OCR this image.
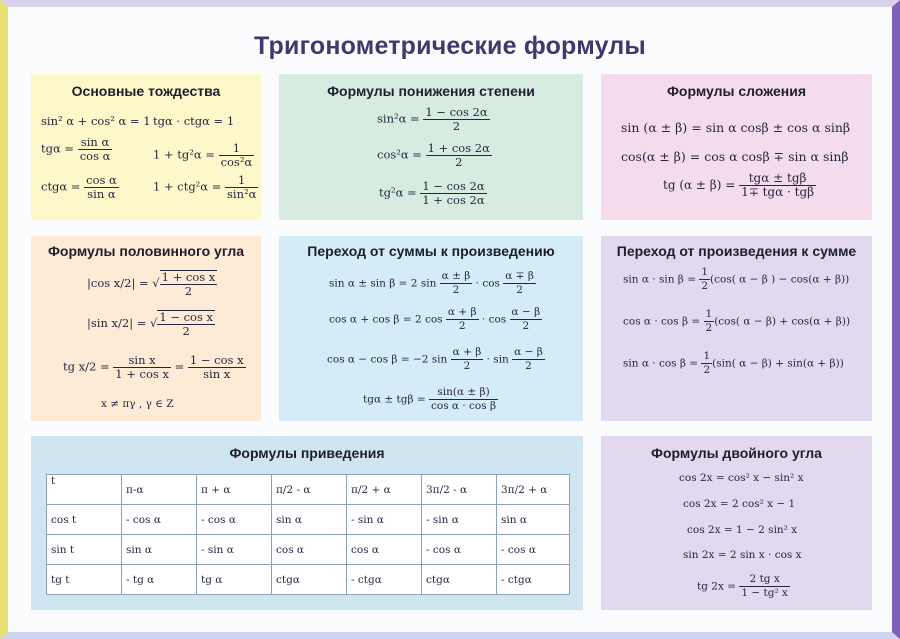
Тригонометрические формулы
Основные тождества
sin² α + cos² α = 1 tgα · ctgα = 1
$tg\alpha = \frac{\text{sin α}}{\text{cos α}}$	$1 + tg^2\alpha = \frac{1}{\text{cos²α}}$
$ctg\alpha = \frac{\text{cos α}}{\text{sin α}}$	$1 + ctg^2\alpha = \frac{1}{\text{sin²α}}$
Формулы понижения степени
$\sin^2\alpha = \frac{1 - \cos 2\alpha}{2}$
$\cos^2\alpha = \frac{1 + \cos 2\alpha}{2}$
$tg^2\alpha = \frac{1 - \cos 2\alpha}{1 + \cos 2\alpha}$
Формулы сложения
sin (α ± β) = sin α cosβ ± cos α sinβ
cos(α ± β) = cos α cosβ ∓ sin α sinβ
tg $(\alpha \pm \beta) = \frac{\text{tgα ± tgβ}}{\text{1∓ tgα · tgβ}}$
Формулы половинного угла
|cos x/2| = √ $\frac{\text{1 + cos x}}{2}$
|sin x/2| = √ $\frac{\text{1 − cos x}}{2}$
tg $x/2 = \frac{\text{sin x}}{\text{1 + cos x}} = \frac{\text{1 − cos x}}{\text{sin x}}$
x ≠ πγ , γ ∈ Z
Переход от суммы к произведению
sin α ± sin β = 2 $\sin \frac{\alpha \pm \beta}{2} \cdot \cos \frac{\alpha \mp \beta}{2}$
cos α + cos β = 2 $\cos \frac{\alpha + \beta}{2} \cdot \cos \frac{\alpha - \beta}{2}$
cos α − cos β = −2 $\sin \frac{\alpha + \beta}{2} \cdot \sin \frac{\alpha - \beta}{2}$
$tg\alpha \pm tg\beta = \frac{\sin(\alpha \pm \beta)}{\text{cos α · cos β}}$
Переход от произведения к сумме
$\sin \alpha \cdot \sin \beta = \frac{1}{2} (\cos$( α − β ) − cos(α + β))
$\cos \alpha \cdot \cos \beta = \frac{1}{2} (\cos$( α − β) + cos(α + β))
$\sin \alpha \cdot \cos \beta = \frac{1}{2} (\sin$( α − β) + sin(α + β))
Формулы приведения
t	π-α	π + α	π/2 - α	π/2 + α	3π/2 - α	3π/2 + α
cos t	- cos α	- cos α	sin α	- sin α	- sin α	sin α
sin t	sin α	- sin α	cos α	cos α	- cos α	- cos α
tg t	- tg α	tg α	ctgα	- ctgα	ctgα	- ctgα
Формулы двойного угла
cos 2x = cos² x − sin² x
cos 2x = 2 cos² x − 1
cos 2x = 1 − 2 sin² x
sin 2x = 2 sin x · cos x
tg $2x = \frac{\text{2 tg x}}{\text{1 − tg² x}}$
